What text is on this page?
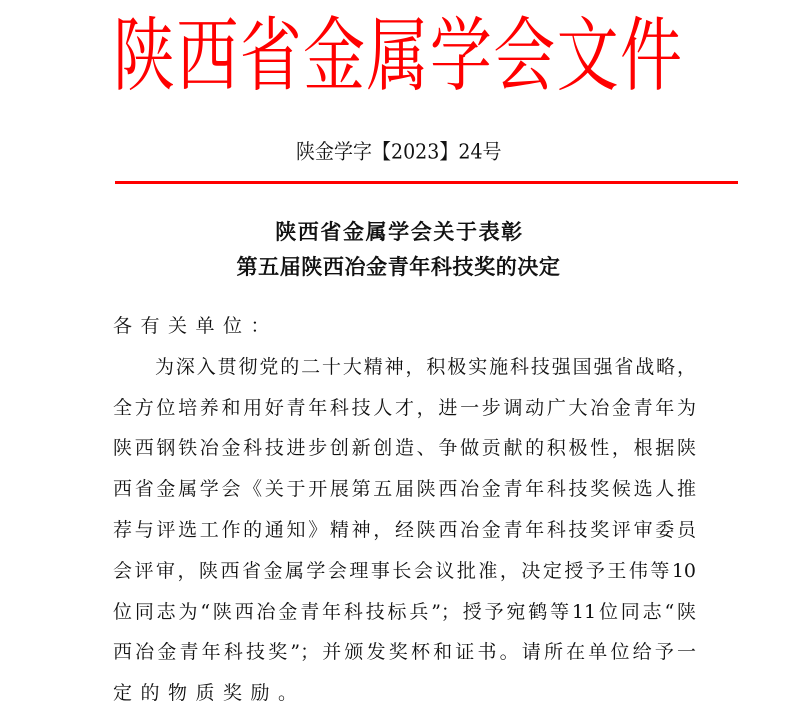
陕西省金属学会文件
陕金学字【2023】24号
陕西省金属学会关于表彰
第五届陕西冶金青年科技奖的决定
各有关单位：
为深入贯彻党的二十大精神，积极实施科技强国强省战略，
全方位培养和用好青年科技人才，进一步调动广大冶金青年为
陕西钢铁冶金科技进步创新创造、争做贡献的积极性，根据陕
西省金属学会《关于开展第五届陕西冶金青年科技奖候选人推
荐与评选工作的通知》精神，经陕西冶金青年科技奖评审委员
会评审，陕西省金属学会理事长会议批准，决定授予王伟等10
位同志为“陕西冶金青年科技标兵”；授予宛鹤等11位同志“陕
西冶金青年科技奖”；并颁发奖杯和证书。请所在单位给予一
定的物质奖励。
